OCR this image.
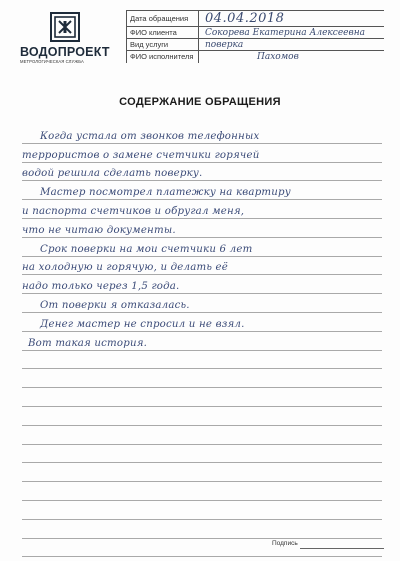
ВОДОПРОЕКТ
МЕТРОЛОГИЧЕСКАЯ СЛУЖБА
Дата обращения	04.04.2018
ФИО клиента	Сокорева Екатерина Алексеевна
Вид услуги	поверка
ФИО исполнителя	Пахомов
СОДЕРЖАНИЕ ОБРАЩЕНИЯ
Когда устала от звонков телефонных
террористов о замене счетчики горячей
водой решила сделать поверку.
Мастер посмотрел платежку на квартиру
и паспорта счетчиков и обругал меня,
что не читаю документы.
Срок поверки на мои счетчики 6 лет
на холодную и горячую, и делать её
надо только через 1,5 года.
От поверки я отказалась.
Денег мастер не спросил и не взял.
Вот такая история.
Подпись
